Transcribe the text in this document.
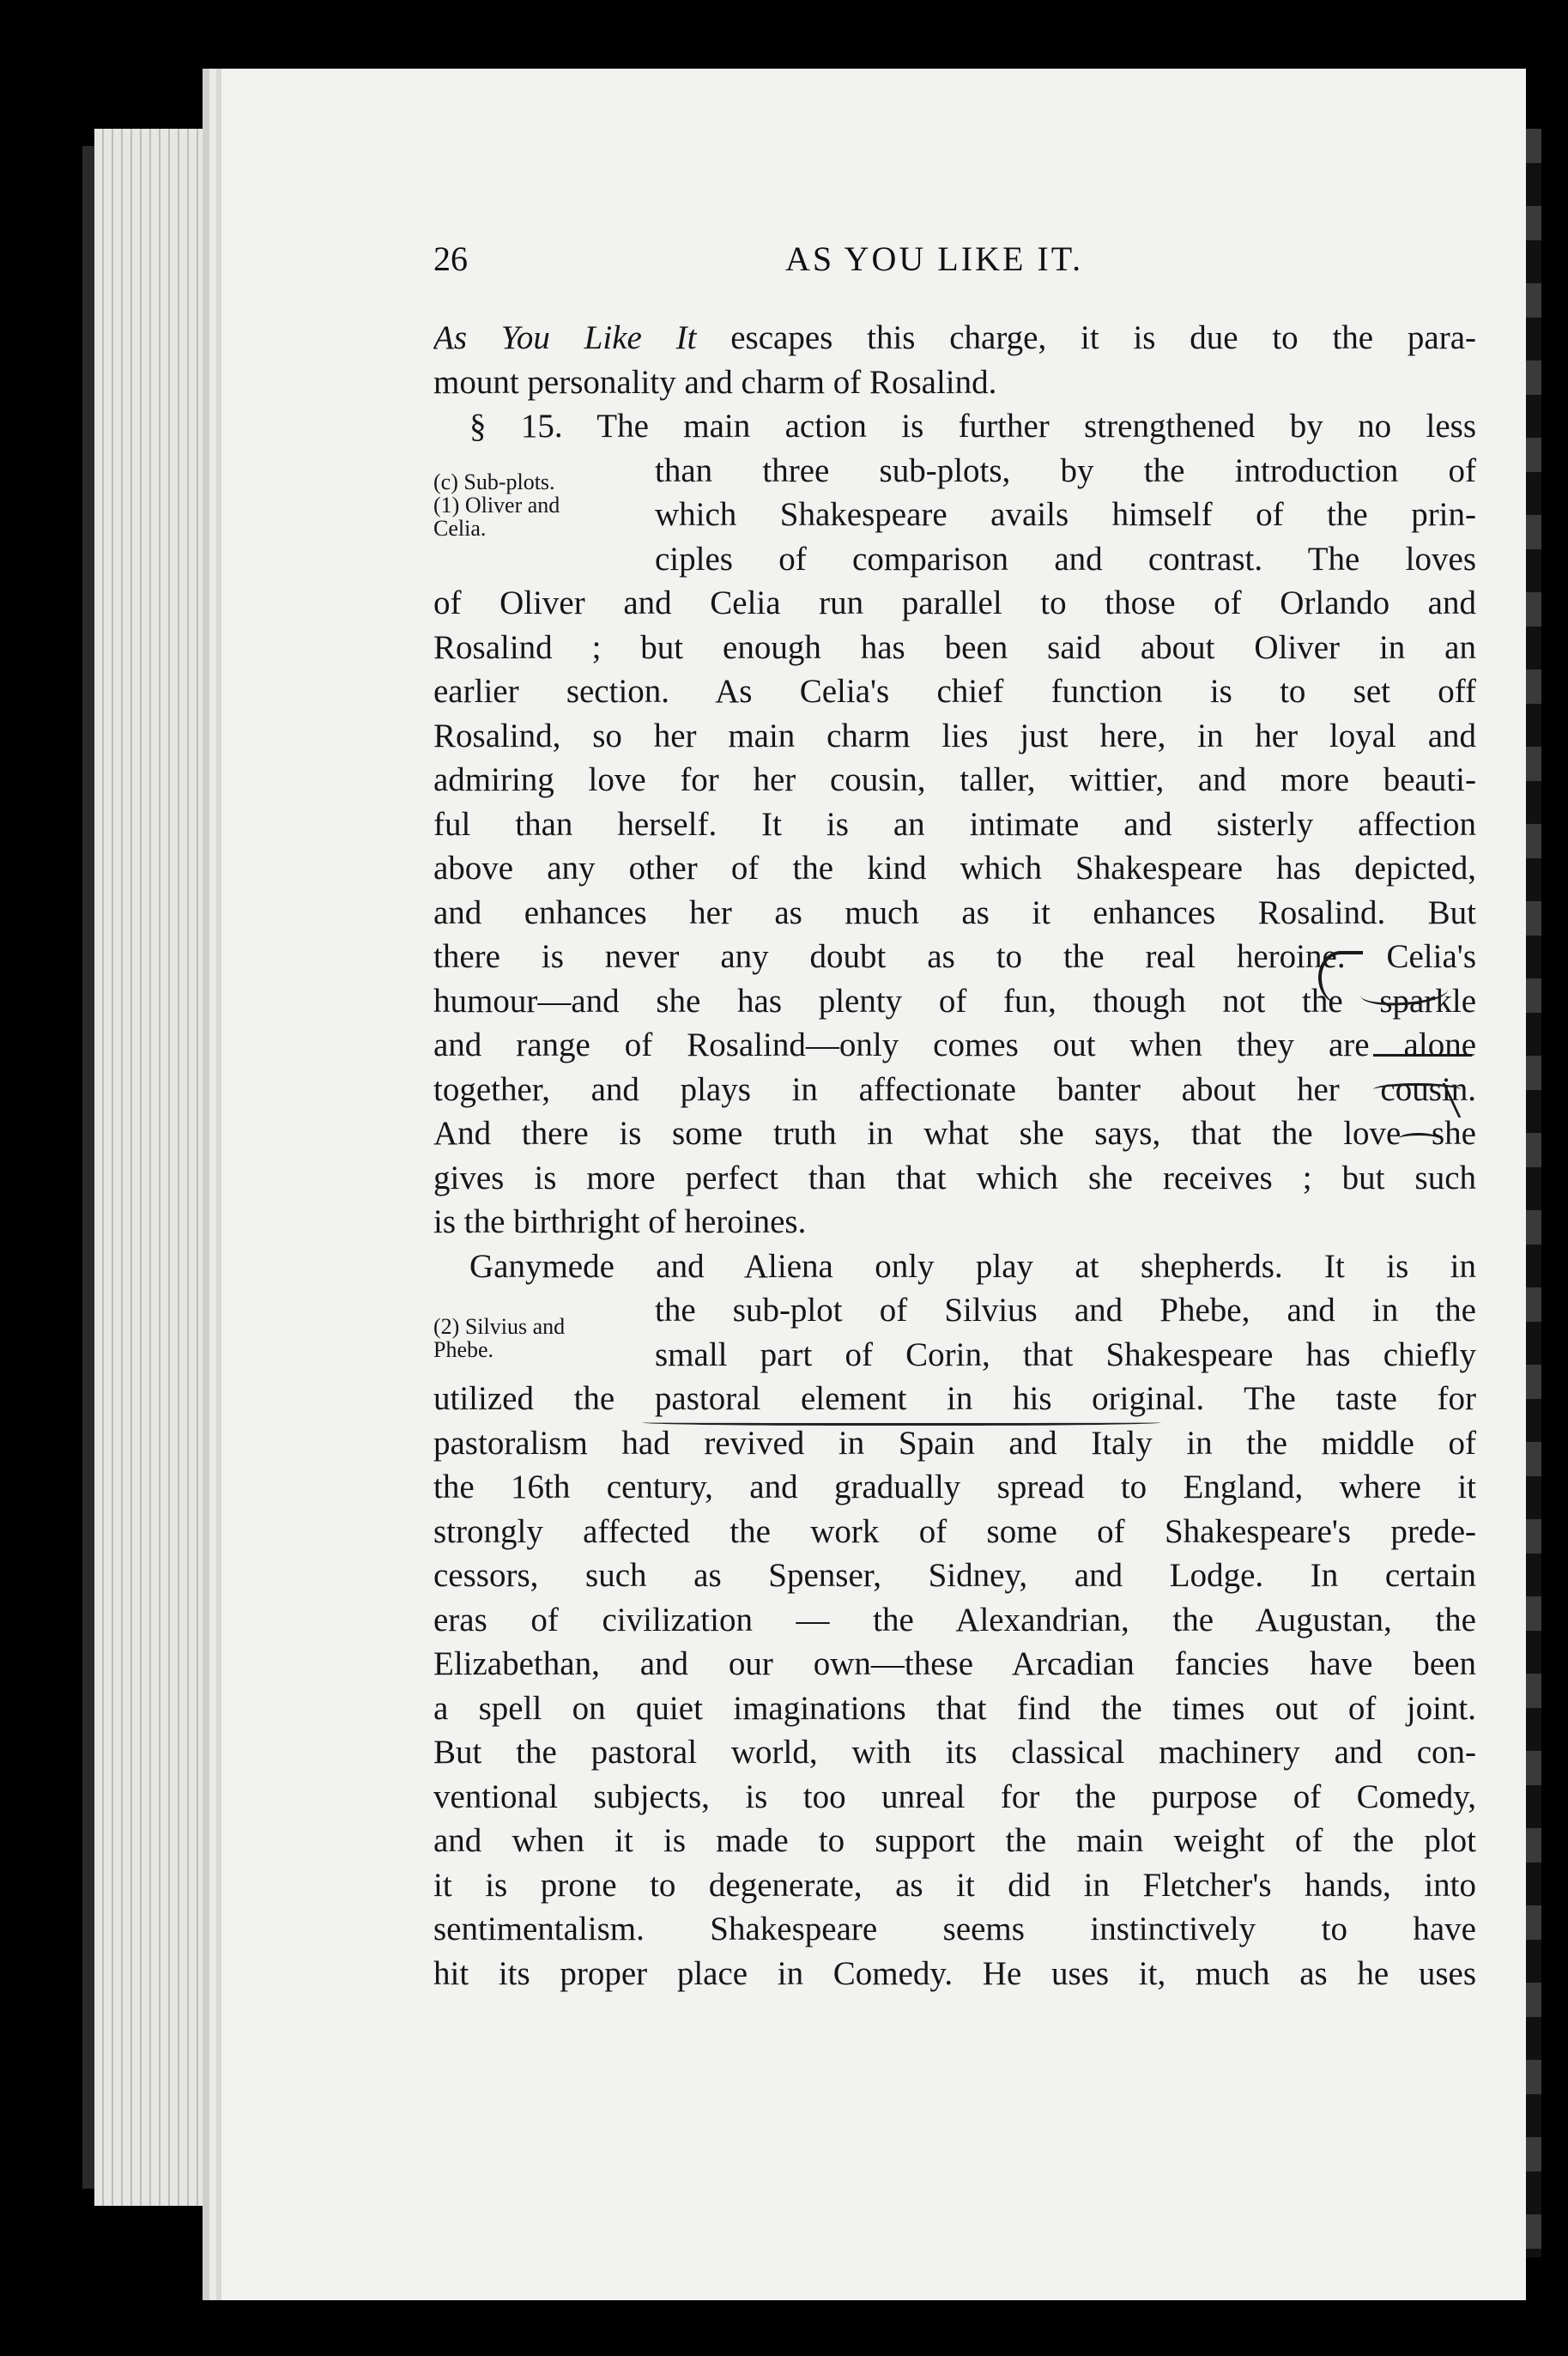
26	AS YOU LIKE IT.
(c) Sub-plots.
(1) Oliver and
Celia.
(2) Silvius and
Phebe.
As You Like It escapes this charge, it is due to the para-
mount personality and charm of Rosalind.
§ 15. The main action is further strengthened by no less
than three sub-plots, by the introduction of
which Shakespeare avails himself of the prin-
ciples of comparison and contrast. The loves
of Oliver and Celia run parallel to those of Orlando and
Rosalind ; but enough has been said about Oliver in an
earlier section. As Celia's chief function is to set off
Rosalind, so her main charm lies just here, in her loyal and
admiring love for her cousin, taller, wittier, and more beauti-
ful than herself. It is an intimate and sisterly affection
above any other of the kind which Shakespeare has depicted,
and enhances her as much as it enhances Rosalind. But
there is never any doubt as to the real heroine. Celia's
humour—and she has plenty of fun, though not the sparkle
and range of Rosalind—only comes out when they are alone
together, and plays in affectionate banter about her cousin.
And there is some truth in what she says, that the love she
gives is more perfect than that which she receives ; but such
is the birthright of heroines.
Ganymede and Aliena only play at shepherds. It is in
the sub-plot of Silvius and Phebe, and in the
small part of Corin, that Shakespeare has chiefly
utilized the pastoral element in his original. The taste for
pastoralism had revived in Spain and Italy in the middle of
the 16th century, and gradually spread to England, where it
strongly affected the work of some of Shakespeare's prede-
cessors, such as Spenser, Sidney, and Lodge. In certain
eras of civilization — the Alexandrian, the Augustan, the
Elizabethan, and our own—these Arcadian fancies have been
a spell on quiet imaginations that find the times out of joint.
But the pastoral world, with its classical machinery and con-
ventional subjects, is too unreal for the purpose of Comedy,
and when it is made to support the main weight of the plot
it is prone to degenerate, as it did in Fletcher's hands, into
sentimentalism. Shakespeare seems instinctively to have
hit its proper place in Comedy. He uses it, much as he uses
